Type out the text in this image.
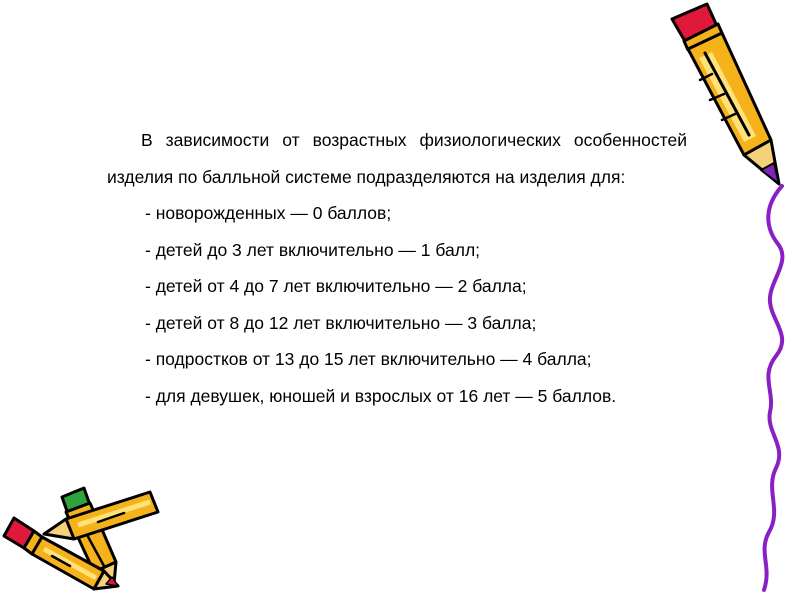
В зависимости от возрастных физиологических особенностей изделия по балльной системе подразделяются на изделия для:

- новорожденных — 0 баллов;
- детей до 3 лет включительно — 1 балл;
- детей от 4 до 7 лет включительно — 2 балла;
- детей от 8 до 12 лет включительно — 3 балла;
- подростков от 13 до 15 лет включительно — 4 балла;
- для девушек, юношей и взрослых от 16 лет — 5 баллов.
